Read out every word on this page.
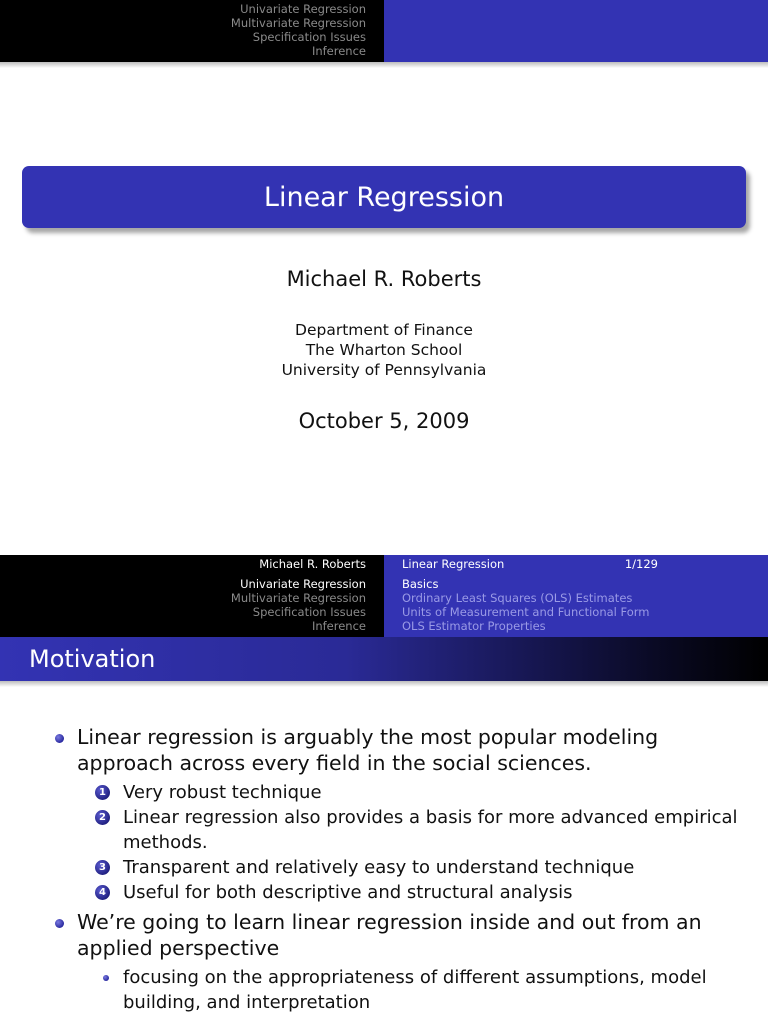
Univariate Regression
Multivariate Regression
Specification Issues
Inference
Linear Regression
Michael R. Roberts
Department of Finance
The Wharton School
University of Pennsylvania
October 5, 2009
Michael R. Roberts
Univariate Regression
Multivariate Regression
Specification Issues
Inference
Linear Regression	1/129
Basics
Ordinary Least Squares (OLS) Estimates
Units of Measurement and Functional Form
OLS Estimator Properties
Motivation
Linear regression is arguably the most popular modeling approach across every field in the social sciences.
1 Very robust technique
2 Linear regression also provides a basis for more advanced empirical methods.
3 Transparent and relatively easy to understand technique
4 Useful for both descriptive and structural analysis
We’re going to learn linear regression inside and out from an applied perspective
focusing on the appropriateness of different assumptions, model building, and interpretation
